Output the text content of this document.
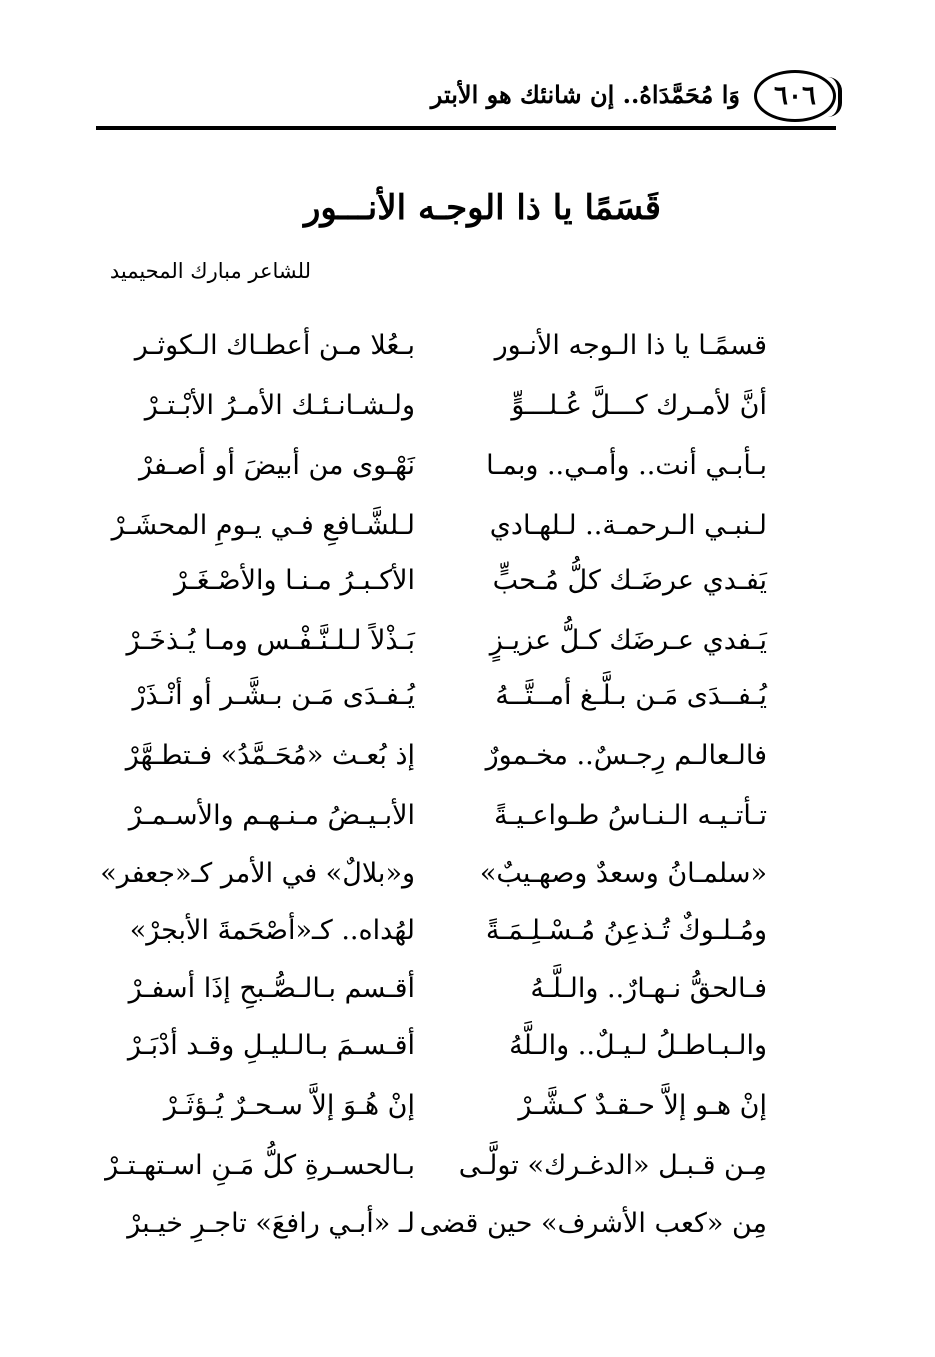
٦٠٦
وَا مُحَمَّدَاهُ.. إن شانئك هو الأبتر
قَسَمًا يا ذا الوجـه الأنـــور
للشاعر مبارك المحيميد
قسمًـا يا ذا الـوجه الأنـور
بـعُلا مـن أعطـاك الـكوثـر
أنَّ لأمـرك كـــلَّ عُـلـــوٍّ
ولـشـانـئـك الأمـرُ الأبْـتـرْ
بـأبـي أنت.. وأمـي.. وبمـا
نَهْـوى من أبيضَ أو أصـفرْ
لـنبـي الـرحمـة.. لـلهـادي
لـلشَّـافعِ فـي يـومِ المحشَـرْ
يَفـدي عرضَـك كلُّ مُـحبٍّ
الأكـبـرُ مـنـا والأصْـغَـرْ
يَـفدي عـرضَك كـلُّ عزيـزٍ
بَـذْلاً لـلـنَّـفْـس ومـا يُـذخَـرْ
يُـفــدَى مَـن بـلَّـغ أمــتَّــهُ
يُـفـدَى مَـن بـشَّـر أو أنْـذَرْ
فالـعالـم رِجـسٌ.. مخـمورٌ
إذ بُعـث «مُحَـمَّدُ» فـتطـهَّرْ
تـأتـيـه الـنـاسُ طـواعـيـةً
الأبـيـضُ مـنـهـم والأسـمـرْ
«سلمـانُ وسعدٌ وصهـيبٌ»
و«بلالٌ» في الأمر كـ«جعفر»
ومُـلـوكٌ تُـذعِنُ مُـسْـلِـمَـةً
لهُداه.. كـ«أصْحَمةَ الأبجرْ»
فـالحقُّ نـهـارٌ.. والـلَّـهُ
أقـسم بـالـصُّـبحِ إذَا أسفـرْ
والـبـاطـلُ لـيـلٌ.. والـلَّهُ
أقـسـمَ بـالـليـلِ وقـد أدْبَـرْ
إنْ هـو إلاَّ حـقـدٌ كـشَّـرْ
إنْ هُـوَ إلاَّ سـحـرٌ يُـؤثَـرْ
مِـن قـبـل «الدغـرك» تولَّـى
بـالحسـرةِ كلُّ مَـنِ اسـتهـتـرْ
مِن «كعب الأشرف» حين قضى
لـ «أبـي رافعَ» تاجـرِ خيـبرْ
